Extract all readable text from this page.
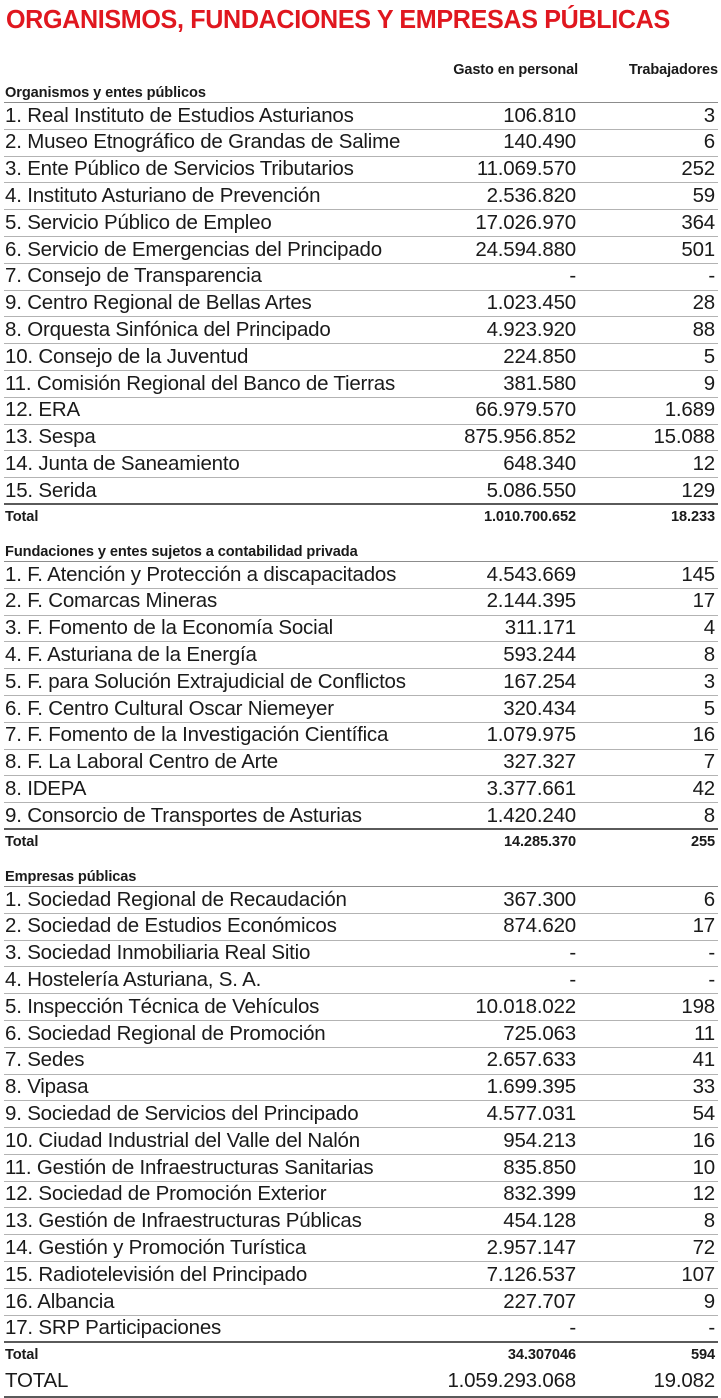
ORGANISMOS, FUNDACIONES Y EMPRESAS PÚBLICAS
Gasto en personal	Trabajadores
Organismos y entes públicos		
1. Real Instituto de Estudios Asturianos	106.810	3
2. Museo Etnográfico de Grandas de Salime	140.490	6
3. Ente Público de Servicios Tributarios	11.069.570	252
4. Instituto Asturiano de Prevención	2.536.820	59
5. Servicio Público de Empleo	17.026.970	364
6. Servicio de Emergencias del Principado	24.594.880	501
7. Consejo de Transparencia	-	-
9. Centro Regional de Bellas Artes	1.023.450	28
8. Orquesta Sinfónica del Principado	4.923.920	88
10. Consejo de la Juventud	224.850	5
11. Comisión Regional del Banco de Tierras	381.580	9
12. ERA	66.979.570	1.689
13. Sespa	875.956.852	15.088
14. Junta de Saneamiento	648.340	12
15. Serida	5.086.550	129
Total	1.010.700.652	18.233

Fundaciones y entes sujetos a contabilidad privada		
1. F. Atención y Protección a discapacitados	4.543.669	145
2. F. Comarcas Mineras	2.144.395	17
3. F. Fomento de la Economía Social	311.171	4
4. F. Asturiana de la Energía	593.244	8
5. F. para Solución Extrajudicial de Conflictos	167.254	3
6. F. Centro Cultural Oscar Niemeyer	320.434	5
7. F. Fomento de la Investigación Científica	1.079.975	16
8. F. La Laboral Centro de Arte	327.327	7
8. IDEPA	3.377.661	42
9. Consorcio de Transportes de Asturias	1.420.240	8
Total	14.285.370	255

Empresas públicas		
1. Sociedad Regional de Recaudación	367.300	6
2. Sociedad de Estudios Económicos	874.620	17
3. Sociedad Inmobiliaria Real Sitio	-	-
4. Hostelería Asturiana, S. A.	-	-
5. Inspección Técnica de Vehículos	10.018.022	198
6. Sociedad Regional de Promoción	725.063	11
7. Sedes	2.657.633	41
8. Vipasa	1.699.395	33
9. Sociedad de Servicios del Principado	4.577.031	54
10. Ciudad Industrial del Valle del Nalón	954.213	16
11. Gestión de Infraestructuras Sanitarias	835.850	10
12. Sociedad de Promoción Exterior	832.399	12
13. Gestión de Infraestructuras Públicas	454.128	8
14. Gestión y Promoción Turística	2.957.147	72
15. Radiotelevisión del Principado	7.126.537	107
16. Albancia	227.707	9
17. SRP Participaciones	-	-
Total	34.307046	594
TOTAL	1.059.293.068	19.082
